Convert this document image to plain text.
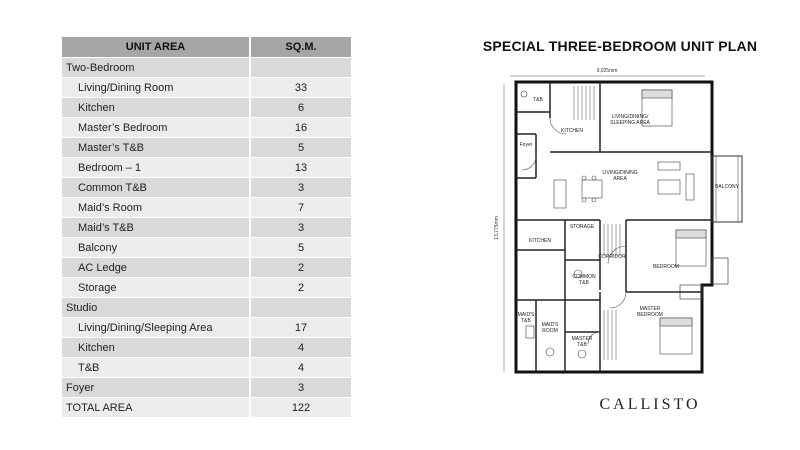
UNIT AREA	SQ.M.
Two-Bedroom	
Living/Dining Room	33
Kitchen	6
Master’s Bedroom	16
Master’s T&B	5
Bedroom – 1	13
Common T&B	3
Maid’s Room	7
Maid’s T&B	3
Balcony	5
AC Ledge	2
Storage	2
Studio	
Living/Dining/Sleeping Area	17
Kitchen	4
T&B	4
Foyer	3
TOTAL AREA	122
SPECIAL THREE-BEDROOM UNIT PLAN
9,025mm
13,775mm
T&B
KITCHEN
LIVING/DINING/
SLEEPING AREA
Foyer
LIVING/DINING
AREA
BALCONY
KITCHEN
STORAGE
CORRIDOR
BEDROOM
COMMON
T&B
MAID'S
T&B
MAID'S
ROOM
MASTER
T&B
MASTER
BEDROOM
CALLISTO
